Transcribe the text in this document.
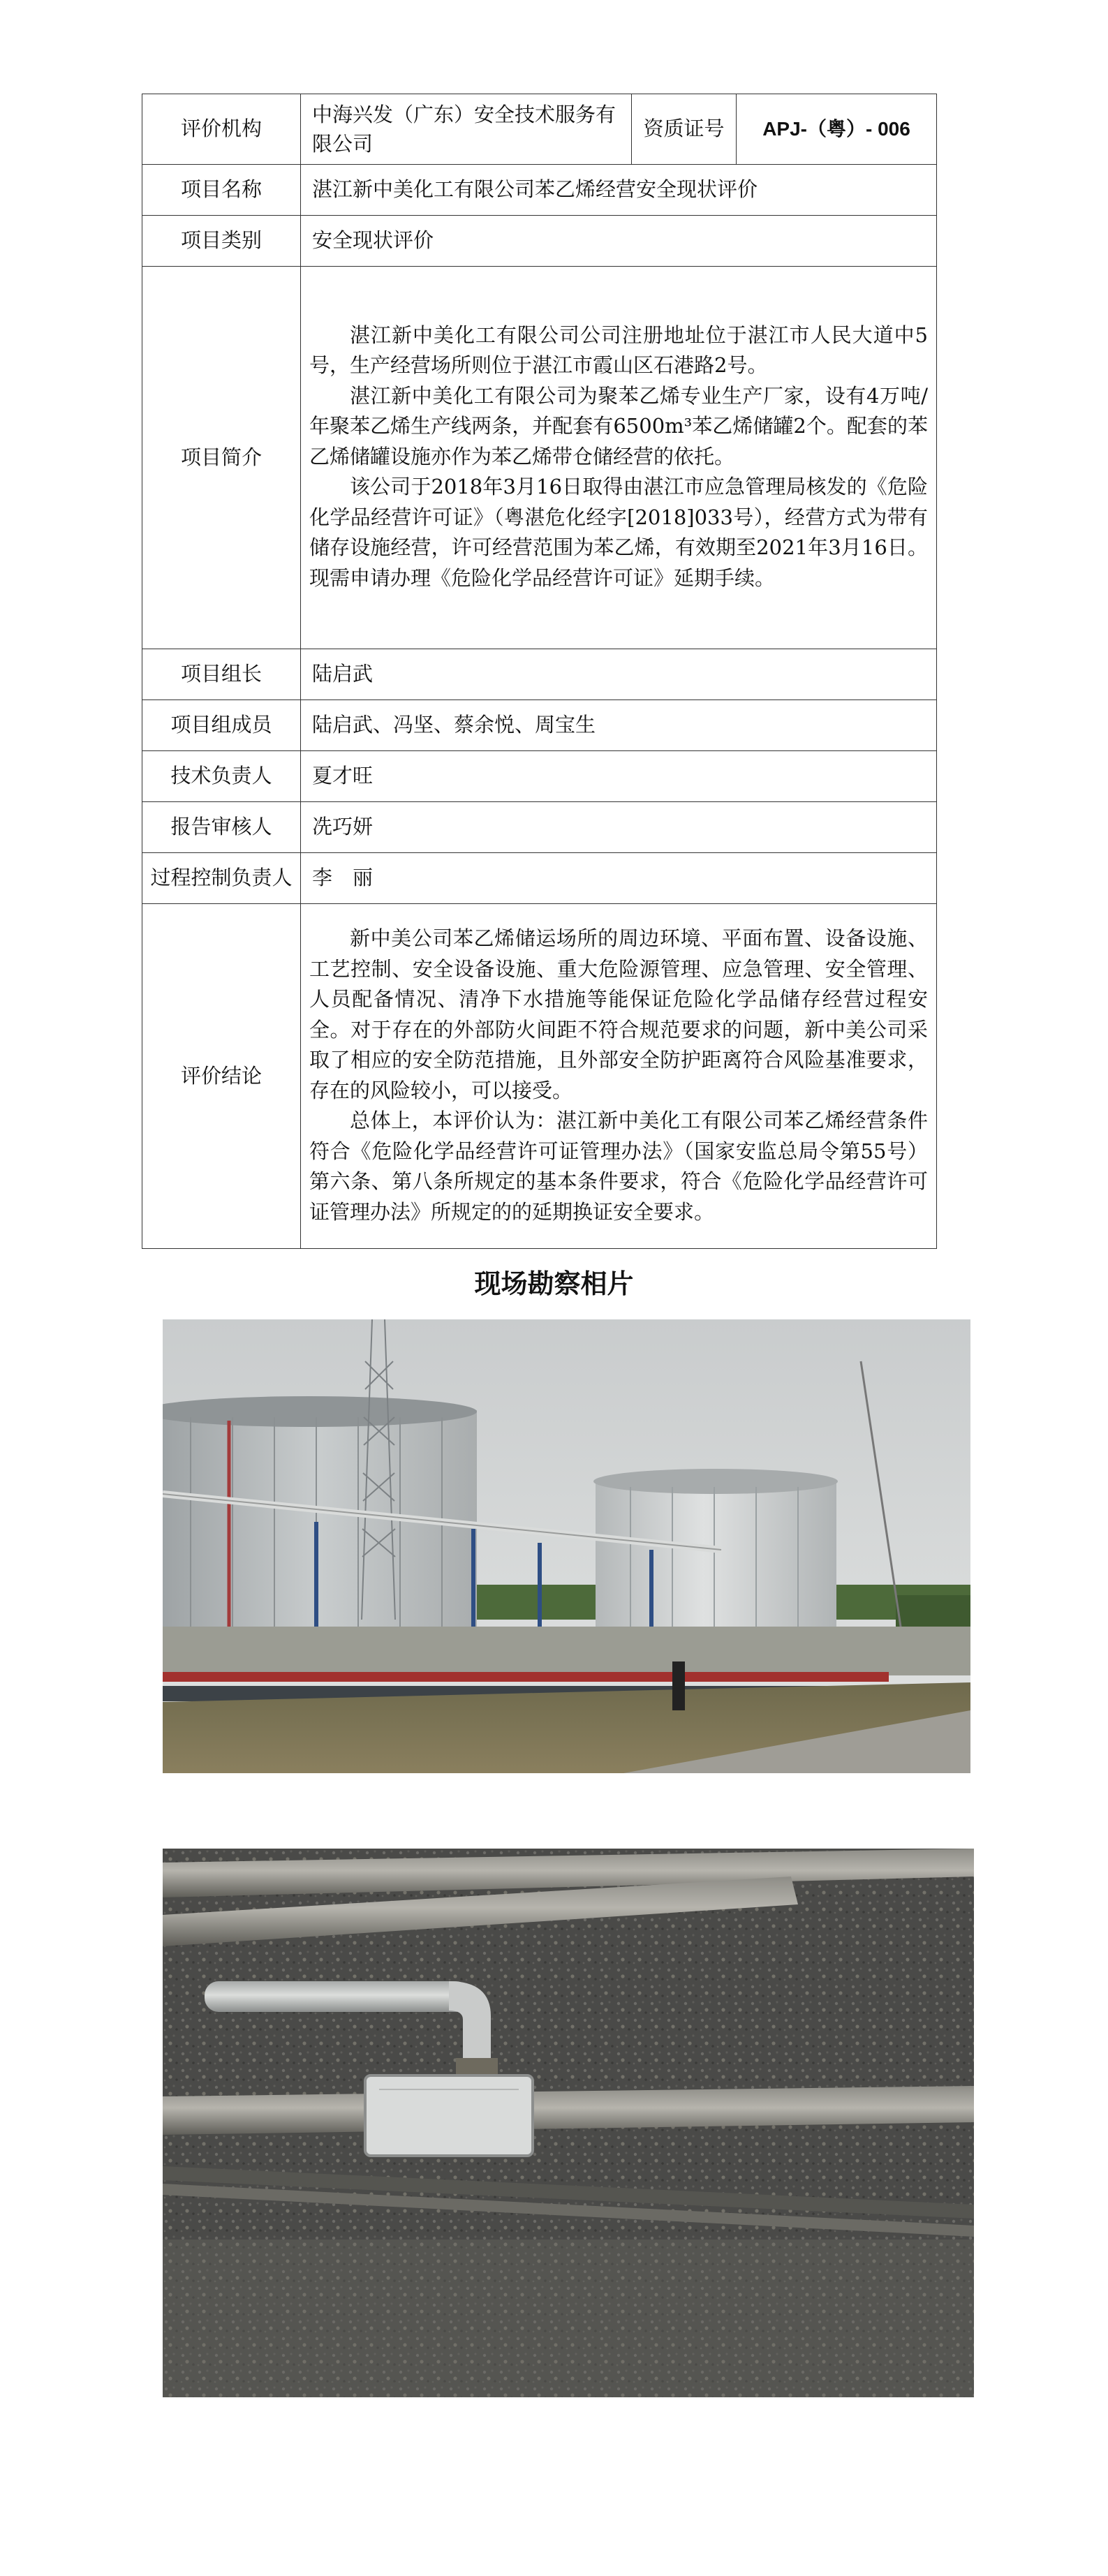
评价机构	中海兴发（广东）安全技术服务有限公司	资质证号	APJ-（粤）- 006
项目名称	湛江新中美化工有限公司苯乙烯经营安全现状评价		
项目类别	安全现状评价		
项目简介	湛江新中美化工有限公司公司注册地址位于湛江市人民大道中5号，生产经营场所则位于湛江市霞山区石港路2号。

湛江新中美化工有限公司为聚苯乙烯专业生产厂家，设有4万吨/年聚苯乙烯生产线两条，并配套有6500m³苯乙烯储罐2个。配套的苯乙烯储罐设施亦作为苯乙烯带仓储经营的依托。

该公司于2018年3月16日取得由湛江市应急管理局核发的《危险化学品经营许可证》（粤湛危化经字[2018]033号），经营方式为带有储存设施经营，许可经营范围为苯乙烯，有效期至2021年3月16日。现需申请办理《危险化学品经营许可证》延期手续。		

项目组长	陆启武		
项目组成员	陆启武、冯坚、蔡余悦、周宝生		
技术负责人	夏才旺		
报告审核人	冼巧妍		
过程控制负责人	李　丽		
评价结论	新中美公司苯乙烯储运场所的周边环境、平面布置、设备设施、工艺控制、安全设备设施、重大危险源管理、应急管理、安全管理、人员配备情况、清净下水措施等能保证危险化学品储存经营过程安全。对于存在的外部防火间距不符合规范要求的问题，新中美公司采取了相应的安全防范措施，且外部安全防护距离符合风险基准要求，存在的风险较小，可以接受。

总体上，本评价认为：湛江新中美化工有限公司苯乙烯经营条件符合《危险化学品经营许可证管理办法》（国家安监总局令第55号）第六条、第八条所规定的基本条件要求，符合《危险化学品经营许可证管理办法》所规定的的延期换证安全要求。		

现场勘察相片
